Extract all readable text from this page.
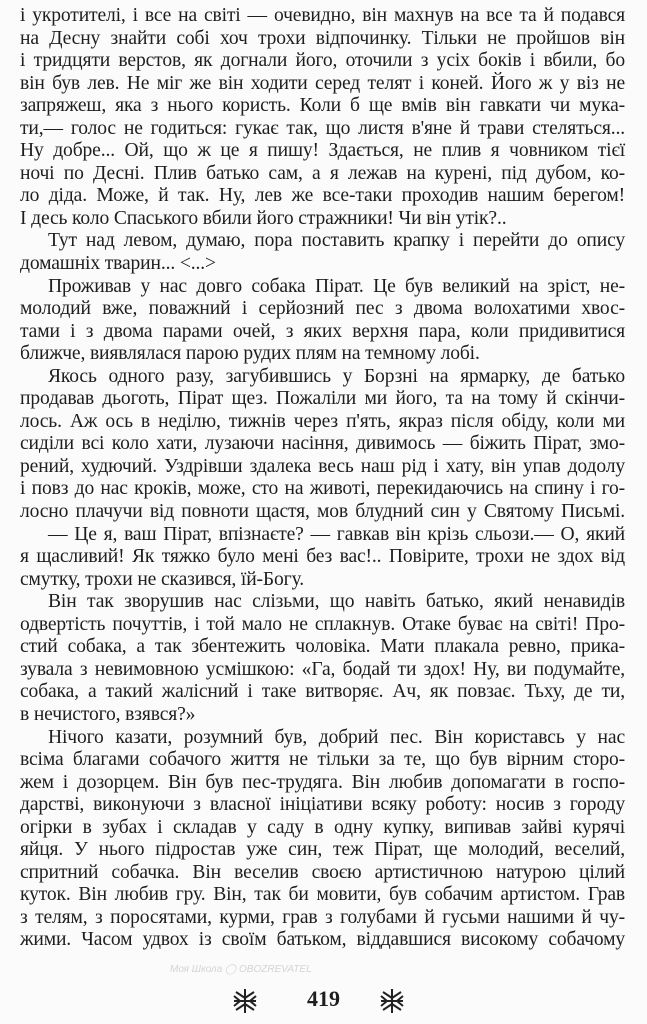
і укротителі, і все на світі — очевидно, він махнув на все та й подався
на Десну знайти собі хоч трохи відпочинку. Тільки не пройшов він
і тридцяти верстов, як догнали його, оточили з усіх боків і вбили, бо
він був лев. Не міг же він ходити серед телят і коней. Його ж у віз не
запряжеш, яка з нього користь. Коли б ще вмів він гавкати чи мука-
ти,— голос не годиться: гукає так, що листя в'яне й трави стеляться...
Ну добре... Ой, що ж це я пишу! Здається, не плив я човником тієї
ночі по Десні. Плив батько сам, а я лежав на курені, під дубом, ко-
ло діда. Може, й так. Ну, лев же все-таки проходив нашим берегом!
І десь коло Спаського вбили його стражники! Чи він утік?..
Тут над левом, думаю, пора поставить крапку і перейти до опису
домашніх тварин... <...>
Проживав у нас довго собака Пірат. Це був великий на зріст, не-
молодий вже, поважний і серйозний пес з двома волохатими хвос-
тами і з двома парами очей, з яких верхня пара, коли придивитися
ближче, виявлялася парою рудих плям на темному лобі.
Якось одного разу, загубившись у Борзні на ярмарку, де батько
продавав дьоготь, Пірат щез. Пожаліли ми його, та на тому й скінчи-
лось. Аж ось в неділю, тижнів через п'ять, якраз після обіду, коли ми
сиділи всі коло хати, лузаючи насіння, дивимось — біжить Пірат, змо-
рений, худючий. Уздрівши здалека весь наш рід і хату, він упав додолу
і повз до нас кроків, може, сто на животі, перекидаючись на спину і го-
лосно плачучи від повноти щастя, мов блудний син у Святому Письмі.
— Це я, ваш Пірат, впізнаєте? — гавкав він крізь сльози.— О, який
я щасливий! Як тяжко було мені без вас!.. Повірите, трохи не здох від
смутку, трохи не сказився, їй-Богу.
Він так зворушив нас слізьми, що навіть батько, який ненавидів
одвертість почуттів, і той мало не сплакнув. Отаке буває на світі! Про-
стий собака, а так збентежить чоловіка. Мати плакала ревно, прика-
зувала з невимовною усмішкою: «Га, бодай ти здох! Ну, ви подумайте,
собака, а такий жалісний і таке витворяє. Ач, як повзає. Тьху, де ти,
в нечистого, взявся?»
Нічого казати, розумний був, добрий пес. Він користавсь у нас
всіма благами собачого життя не тільки за те, що був вірним сторо-
жем і дозорцем. Він був пес-трудяга. Він любив допомагати в госпо-
дарстві, виконуючи з власної ініціативи всяку роботу: носив з городу
огірки в зубах і складав у саду в одну купку, випивав зайві курячі
яйця. У нього підростав уже син, теж Пірат, ще молодий, веселий,
спритний собачка. Він веселив своєю артистичною натурою цілий
куток. Він любив гру. Він, так би мовити, був собачим артистом. Грав
з телям, з поросятами, курми, грав з голубами й гусьми нашими й чу-
жими. Часом удвох із своїм батьком, віддавшися високому собачому
Моя Школа ◯ OBOZREVATEL
419
